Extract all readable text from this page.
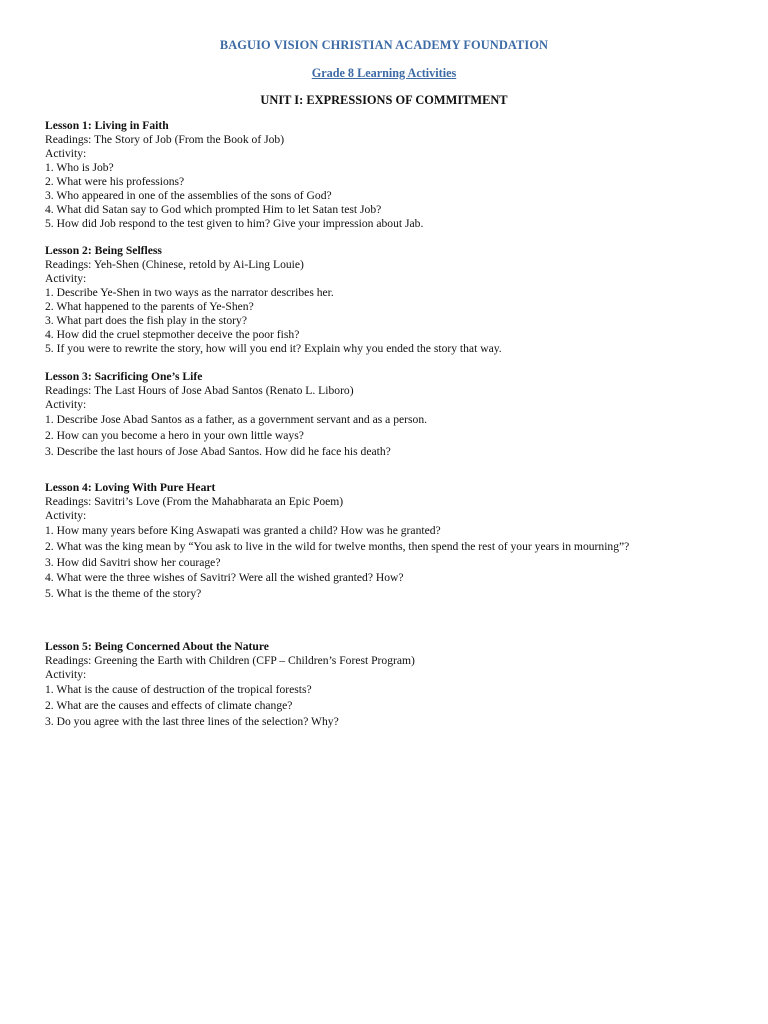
BAGUIO VISION CHRISTIAN ACADEMY FOUNDATION
Grade 8 Learning Activities
UNIT I: EXPRESSIONS OF COMMITMENT
Lesson 1: Living in Faith
Readings: The Story of Job (From the Book of Job)
Activity:
1. Who is Job?
2. What were his professions?
3. Who appeared in one of the assemblies of the sons of God?
4. What did Satan say to God which prompted Him to let Satan test Job?
5. How did Job respond to the test given to him? Give your impression about Jab.
Lesson 2: Being Selfless
Readings: Yeh-Shen (Chinese, retold by Ai-Ling Louie)
Activity:
1. Describe Ye-Shen in two ways as the narrator describes her.
2. What happened to the parents of Ye-Shen?
3. What part does the fish play in the story?
4. How did the cruel stepmother deceive the poor fish?
5. If you were to rewrite the story, how will you end it? Explain why you ended the story that way.
Lesson 3: Sacrificing One’s Life
Readings: The Last Hours of Jose Abad Santos (Renato L. Liboro)
Activity:
1. Describe Jose Abad Santos as a father, as a government servant and as a person.
2. How can you become a hero in your own little ways?
3. Describe the last hours of Jose Abad Santos. How did he face his death?
Lesson 4: Loving With Pure Heart
Readings: Savitri’s Love (From the Mahabharata an Epic Poem)
Activity:
1. How many years before King Aswapati was granted a child? How was he granted?
2. What was the king mean by “You ask to live in the wild for twelve months, then spend the rest of your years in mourning”?
3. How did Savitri show her courage?
4. What were the three wishes of Savitri? Were all the wished granted? How?
5. What is the theme of the story?
Lesson 5: Being Concerned About the Nature
Readings: Greening the Earth with Children (CFP – Children’s Forest Program)
Activity:
1. What is the cause of destruction of the tropical forests?
2. What are the causes and effects of climate change?
3. Do you agree with the last three lines of the selection? Why?
